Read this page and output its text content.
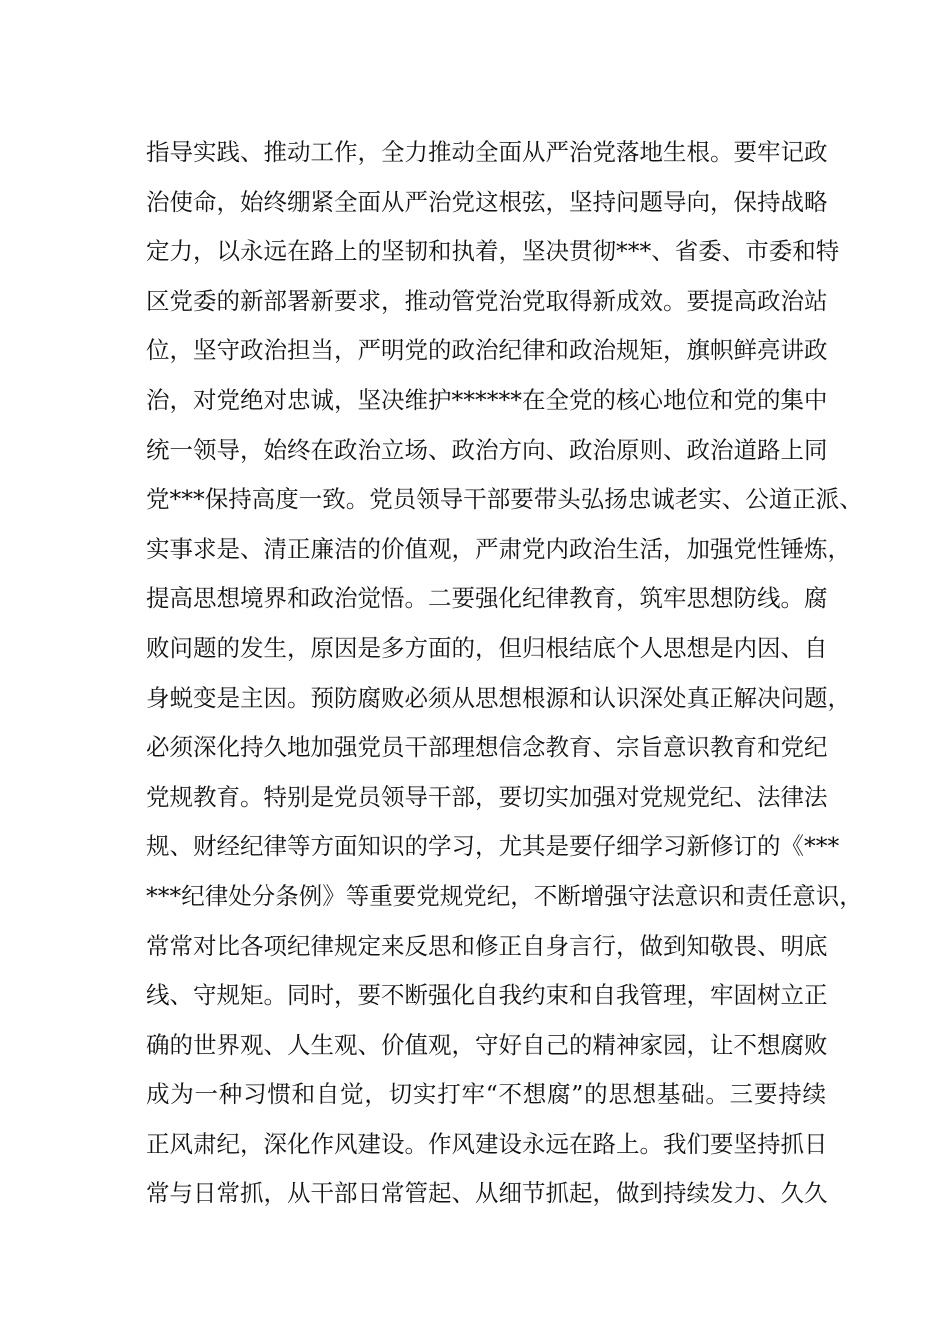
指 导 实 践 、 推 动 工 作 ， 全 力 推 动 全 面 从 严 治 党 落 地 生 根 。 要 牢 记 政
治 使 命 ， 始 终 绷 紧 全 面 从 严 治 党 这 根 弦 ， 坚 持 问 题 导 向 ， 保 持 战 略
定 力 ， 以 永 远 在 路 上 的 坚 韧 和 执 着 ， 坚 决 贯 彻 * * * 、 省 委 、 市 委 和 特
区 党 委 的 新 部 署 新 要 求 ， 推 动 管 党 治 党 取 得 新 成 效 。 要 提 高 政 治 站
位 ， 坚 守 政 治 担 当 ， 严 明 党 的 政 治 纪 律 和 政 治 规 矩 ， 旗 帜 鲜 亮 讲 政
治 ， 对 党 绝 对 忠 诚 ， 坚 决 维 护 * * * * * * 在 全 党 的 核 心 地 位 和 党 的 集 中
统 一 领 导 ， 始 终 在 政 治 立 场 、 政 治 方 向 、 政 治 原 则 、 政 治 道 路 上 同
党 * * * 保 持 高 度 一 致 。 党 员 领 导 干 部 要 带 头 弘 扬 忠 诚 老 实 、 公 道 正 派 、
实 事 求 是 、 清 正 廉 洁 的 价 值 观 ， 严 肃 党 内 政 治 生 活 ， 加 强 党 性 锤 炼 ，
提 高 思 想 境 界 和 政 治 觉 悟 。 二 要 强 化 纪 律 教 育 ， 筑 牢 思 想 防 线 。 腐
败 问 题 的 发 生 ， 原 因 是 多 方 面 的 ， 但 归 根 结 底 个 人 思 想 是 内 因 、 自
身 蜕 变 是 主 因 。 预 防 腐 败 必 须 从 思 想 根 源 和 认 识 深 处 真 正 解 决 问 题 ，
必 须 深 化 持 久 地 加 强 党 员 干 部 理 想 信 念 教 育 、 宗 旨 意 识 教 育 和 党 纪
党 规 教 育 。 特 别 是 党 员 领 导 干 部 ， 要 切 实 加 强 对 党 规 党 纪 、 法 律 法
规 、 财 经 纪 律 等 方 面 知 识 的 学 习 ， 尤 其 是 要 仔 细 学 习 新 修 订 的 《 * * *
* * * 纪 律 处 分 条 例 》 等 重 要 党 规 党 纪 ， 不 断 增 强 守 法 意 识 和 责 任 意 识 ，
常 常 对 比 各 项 纪 律 规 定 来 反 思 和 修 正 自 身 言 行 ， 做 到 知 敬 畏 、 明 底
线 、 守 规 矩 。 同 时 ， 要 不 断 强 化 自 我 约 束 和 自 我 管 理 ， 牢 固 树 立 正
确 的 世 界 观 、 人 生 观 、 价 值 观 ， 守 好 自 己 的 精 神 家 园 ， 让 不 想 腐 败
成 为 一 种 习 惯 和 自 觉 ， 切 实 打 牢 “ 不 想 腐 ” 的 思 想 基 础 。 三 要 持 续
正 风 肃 纪 ， 深 化 作 风 建 设 。 作 风 建 设 永 远 在 路 上 。 我 们 要 坚 持 抓 日
常 与 日 常 抓 ， 从 干 部 日 常 管 起 、 从 细 节 抓 起 ， 做 到 持 续 发 力 、 久 久
